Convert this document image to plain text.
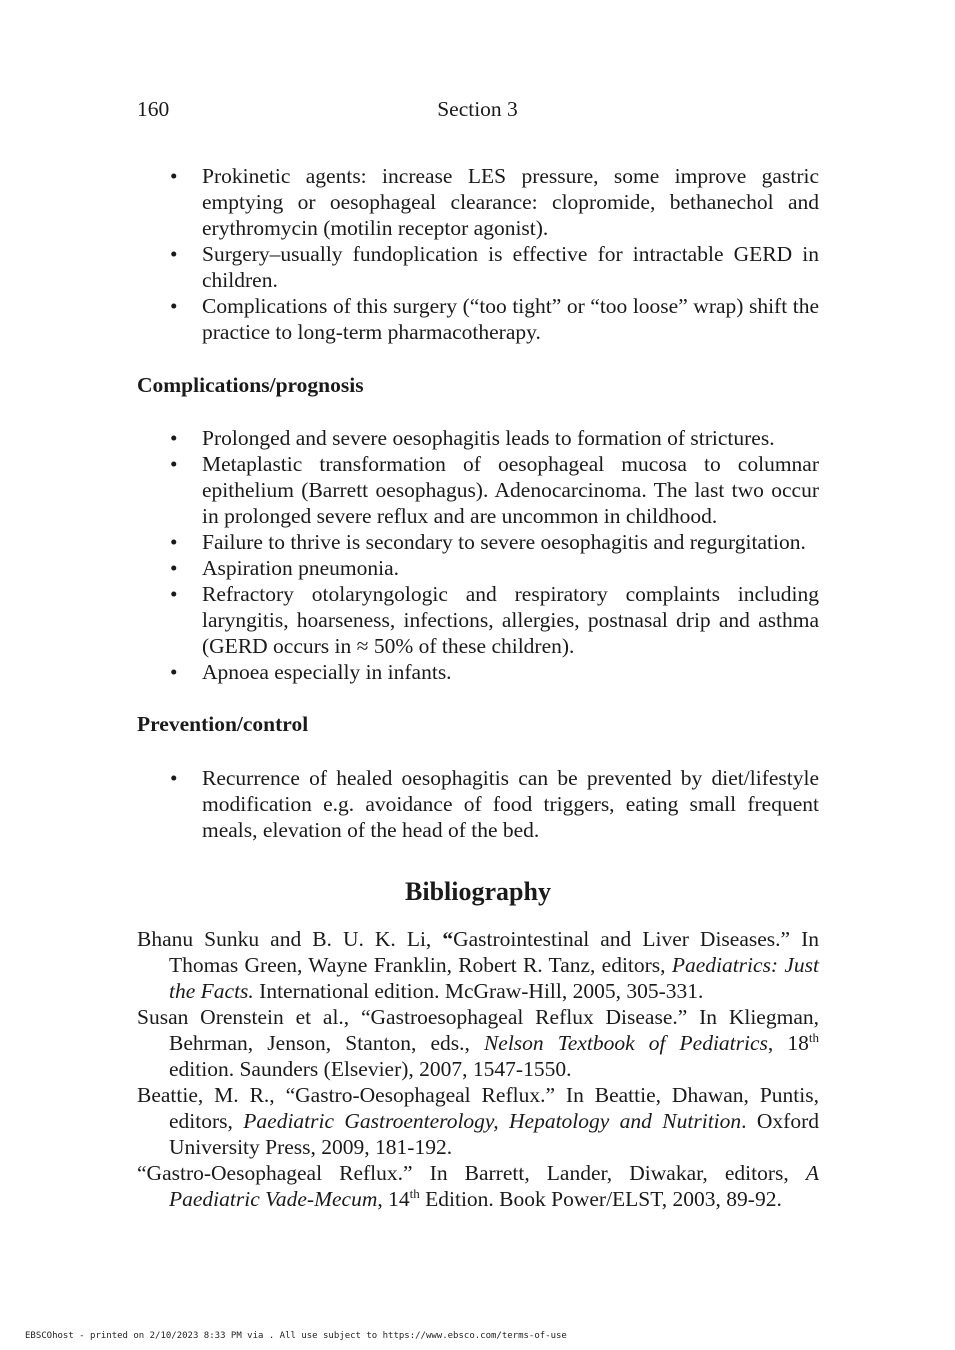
160	Section 3
• Prokinetic agents: increase LES pressure, some improve gastric emptying or oesophageal clearance: clopromide, bethanechol and erythromycin (motilin receptor agonist).
• Surgery–usually fundoplication is effective for intractable GERD in children.
• Complications of this surgery (“too tight” or “too loose” wrap) shift the practice to long-term pharmacotherapy.
Complications/prognosis
• Prolonged and severe oesophagitis leads to formation of strictures.
• Metaplastic transformation of oesophageal mucosa to columnar epithelium (Barrett oesophagus). Adenocarcinoma. The last two occur in prolonged severe reflux and are uncommon in childhood.
• Failure to thrive is secondary to severe oesophagitis and regurgitation.
• Aspiration pneumonia.
• Refractory otolaryngologic and respiratory complaints including laryngitis, hoarseness, infections, allergies, postnasal drip and asthma (GERD occurs in ≈ 50% of these children).
• Apnoea especially in infants.
Prevention/control
• Recurrence of healed oesophagitis can be prevented by diet/lifestyle modification e.g. avoidance of food triggers, eating small frequent meals, elevation of the head of the bed.
Bibliography
Bhanu Sunku and B. U. K. Li, “Gastrointestinal and Liver Diseases.” In Thomas Green, Wayne Franklin, Robert R. Tanz, editors, Paediatrics: Just the Facts. International edition. McGraw-Hill, 2005, 305-331.
Susan Orenstein et al., “Gastroesophageal Reflux Disease.” In Kliegman, Behrman, Jenson, Stanton, eds., Nelson Textbook of Pediatrics, 18th edition. Saunders (Elsevier), 2007, 1547-1550.
Beattie, M. R., “Gastro-Oesophageal Reflux.” In Beattie, Dhawan, Puntis, editors, Paediatric Gastroenterology, Hepatology and Nutrition. Oxford University Press, 2009, 181-192.
“Gastro-Oesophageal Reflux.” In Barrett, Lander, Diwakar, editors, A Paediatric Vade-Mecum, 14th Edition. Book Power/ELST, 2003, 89-92.
EBSCOhost - printed on 2/10/2023 8:33 PM via . All use subject to https://www.ebsco.com/terms-of-use
